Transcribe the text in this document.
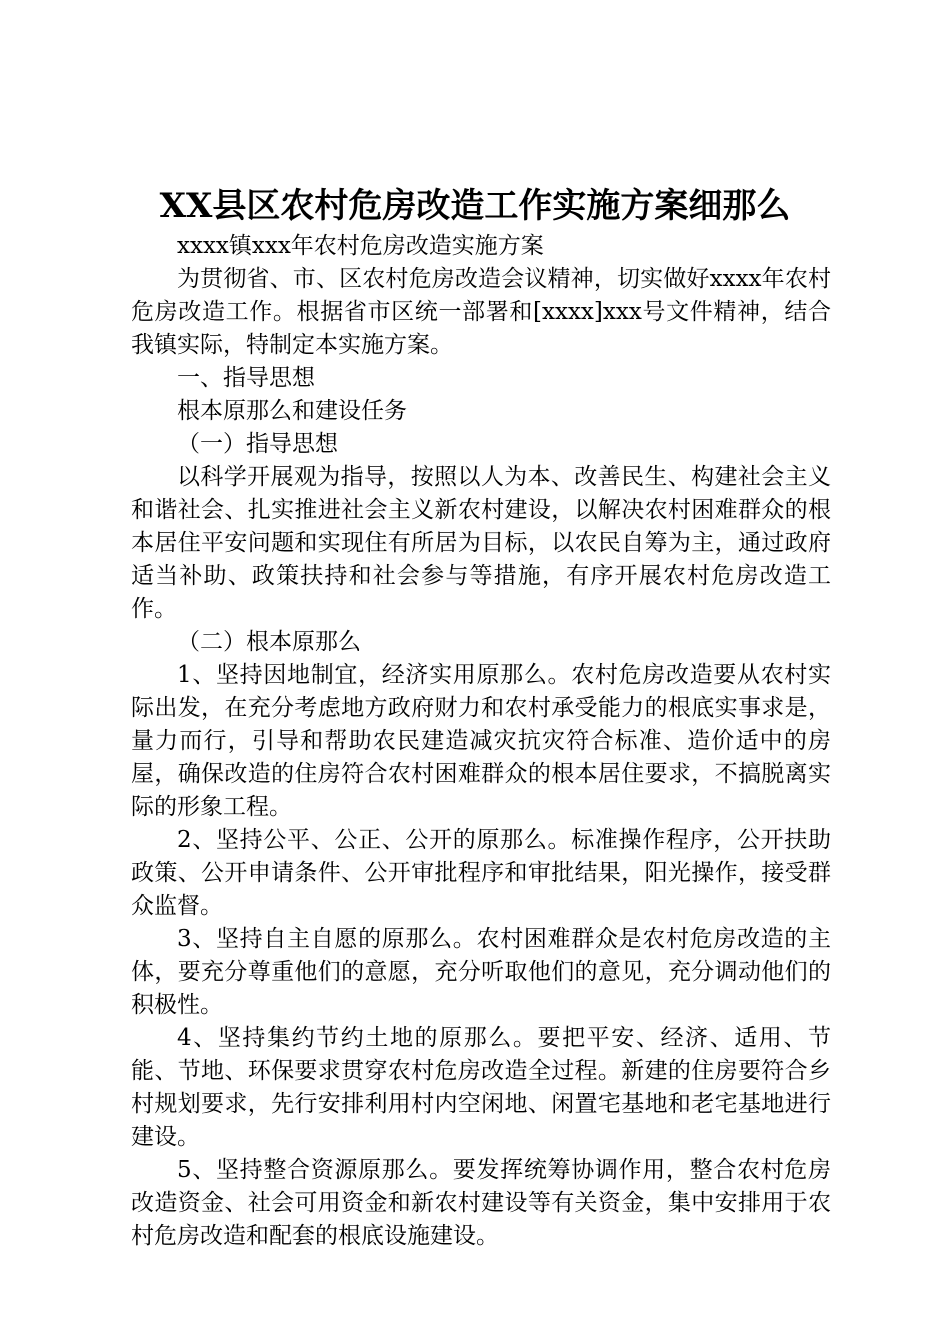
XX县区农村危房改造工作实施方案细那么

xxxx镇xxx年农村危房改造实施方案

为贯彻省、市、区农村危房改造会议精神，切实做好xxxx年农村危房改造工作。根据省市区统一部署和[xxxx]xxx号文件精神，结合我镇实际，特制定本实施方案。

一、指导思想

根本原那么和建设任务

（一）指导思想

以科学开展观为指导，按照以人为本、改善民生、构建社会主义和谐社会、扎实推进社会主义新农村建设，以解决农村困难群众的根本居住平安问题和实现住有所居为目标，以农民自筹为主，通过政府适当补助、政策扶持和社会参与等措施，有序开展农村危房改造工作。

（二）根本原那么

1、坚持因地制宜，经济实用原那么。农村危房改造要从农村实际出发，在充分考虑地方政府财力和农村承受能力的根底实事求是，量力而行，引导和帮助农民建造减灾抗灾符合标准、造价适中的房屋，确保改造的住房符合农村困难群众的根本居住要求，不搞脱离实际的形象工程。

2、坚持公平、公正、公开的原那么。标准操作程序，公开扶助政策、公开申请条件、公开审批程序和审批结果，阳光操作，接受群众监督。

3、坚持自主自愿的原那么。农村困难群众是农村危房改造的主体，要充分尊重他们的意愿，充分听取他们的意见，充分调动他们的积极性。

4、坚持集约节约土地的原那么。要把平安、经济、适用、节能、节地、环保要求贯穿农村危房改造全过程。新建的住房要符合乡村规划要求，先行安排利用村内空闲地、闲置宅基地和老宅基地进行建设。

5、坚持整合资源原那么。要发挥统筹协调作用，整合农村危房改造资金、社会可用资金和新农村建设等有关资金，集中安排用于农村危房改造和配套的根底设施建设。
